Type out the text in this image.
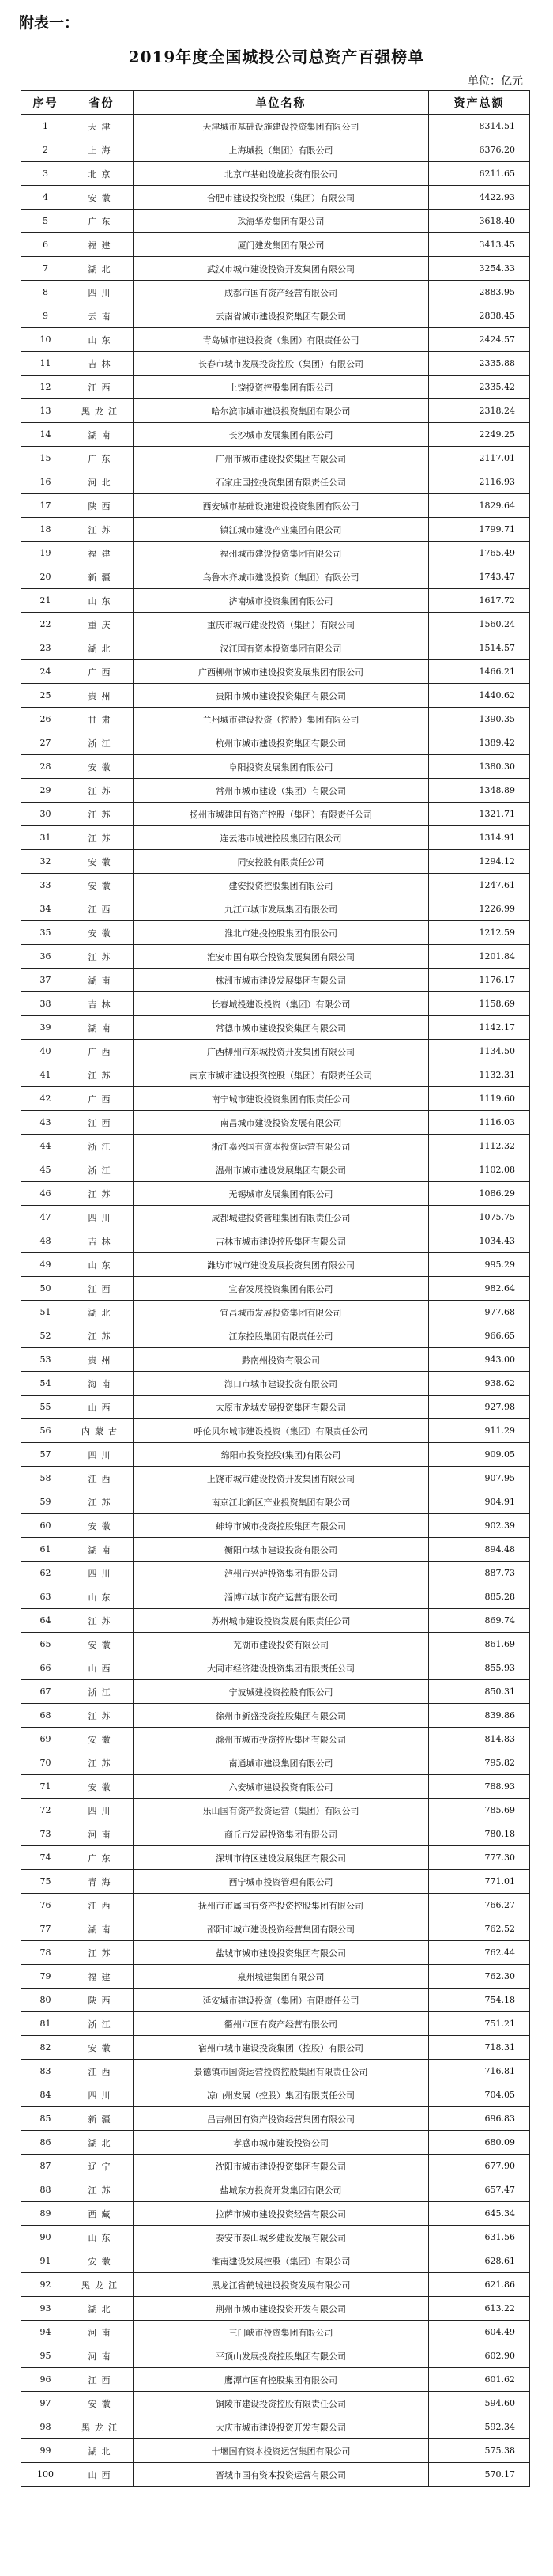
附表一：
2019年度全国城投公司总资产百强榜单
单位：亿元
序号	省份	单位名称	资产总额
1	天津	天津城市基础设施建设投资集团有限公司	8314.51
2	上海	上海城投（集团）有限公司	6376.20
3	北京	北京市基础设施投资有限公司	6211.65
4	安徽	合肥市建设投资控股（集团）有限公司	4422.93
5	广东	珠海华发集团有限公司	3618.40
6	福建	厦门建发集团有限公司	3413.45
7	湖北	武汉市城市建设投资开发集团有限公司	3254.33
8	四川	成都市国有资产经营有限公司	2883.95
9	云南	云南省城市建设投资集团有限公司	2838.45
10	山东	青岛城市建设投资（集团）有限责任公司	2424.57
11	吉林	长春市城市发展投资控股（集团）有限公司	2335.88
12	江西	上饶投资控股集团有限公司	2335.42
13	黑龙江	哈尔滨市城市建设投资集团有限公司	2318.24
14	湖南	长沙城市发展集团有限公司	2249.25
15	广东	广州市城市建设投资集团有限公司	2117.01
16	河北	石家庄国控投资集团有限责任公司	2116.93
17	陕西	西安城市基础设施建设投资集团有限公司	1829.64
18	江苏	镇江城市建设产业集团有限公司	1799.71
19	福建	福州城市建设投资集团有限公司	1765.49
20	新疆	乌鲁木齐城市建设投资（集团）有限公司	1743.47
21	山东	济南城市投资集团有限公司	1617.72
22	重庆	重庆市城市建设投资（集团）有限公司	1560.24
23	湖北	汉江国有资本投资集团有限公司	1514.57
24	广西	广西柳州市城市建设投资发展集团有限公司	1466.21
25	贵州	贵阳市城市建设投资集团有限公司	1440.62
26	甘肃	兰州城市建设投资（控股）集团有限公司	1390.35
27	浙江	杭州市城市建设投资集团有限公司	1389.42
28	安徽	阜阳投资发展集团有限公司	1380.30
29	江苏	常州市城市建设（集团）有限公司	1348.89
30	江苏	扬州市城建国有资产控股（集团）有限责任公司	1321.71
31	江苏	连云港市城建控股集团有限公司	1314.91
32	安徽	同安控股有限责任公司	1294.12
33	安徽	建安投资控股集团有限公司	1247.61
34	江西	九江市城市发展集团有限公司	1226.99
35	安徽	淮北市建投控股集团有限公司	1212.59
36	江苏	淮安市国有联合投资发展集团有限公司	1201.84
37	湖南	株洲市城市建设发展集团有限公司	1176.17
38	吉林	长春城投建设投资（集团）有限公司	1158.69
39	湖南	常德市城市建设投资集团有限公司	1142.17
40	广西	广西柳州市东城投资开发集团有限公司	1134.50
41	江苏	南京市城市建设投资控股（集团）有限责任公司	1132.31
42	广西	南宁城市建设投资集团有限责任公司	1119.60
43	江西	南昌城市建设投资发展有限公司	1116.03
44	浙江	浙江嘉兴国有资本投资运营有限公司	1112.32
45	浙江	温州市城市建设发展集团有限公司	1102.08
46	江苏	无锡城市发展集团有限公司	1086.29
47	四川	成都城建投资管理集团有限责任公司	1075.75
48	吉林	吉林市城市建设控股集团有限公司	1034.43
49	山东	潍坊市城市建设发展投资集团有限公司	995.29
50	江西	宜春发展投资集团有限公司	982.64
51	湖北	宜昌城市发展投资集团有限公司	977.68
52	江苏	江东控股集团有限责任公司	966.65
53	贵州	黔南州投资有限公司	943.00
54	海南	海口市城市建设投资有限公司	938.62
55	山西	太原市龙城发展投资集团有限公司	927.98
56	内蒙古	呼伦贝尔城市建设投资（集团）有限责任公司	911.29
57	四川	绵阳市投资控股(集团)有限公司	909.05
58	江西	上饶市城市建设投资开发集团有限公司	907.95
59	江苏	南京江北新区产业投资集团有限公司	904.91
60	安徽	蚌埠市城市投资控股集团有限公司	902.39
61	湖南	衡阳市城市建设投资有限公司	894.48
62	四川	泸州市兴泸投资集团有限公司	887.73
63	山东	淄博市城市资产运营有限公司	885.28
64	江苏	苏州城市建设投资发展有限责任公司	869.74
65	安徽	芜湖市建设投资有限公司	861.69
66	山西	大同市经济建设投资集团有限责任公司	855.93
67	浙江	宁波城建投资控股有限公司	850.31
68	江苏	徐州市新盛投资控股集团有限公司	839.86
69	安徽	滁州市城市投资控股集团有限公司	814.83
70	江苏	南通城市建设集团有限公司	795.82
71	安徽	六安城市建设投资有限公司	788.93
72	四川	乐山国有资产投资运营（集团）有限公司	785.69
73	河南	商丘市发展投资集团有限公司	780.18
74	广东	深圳市特区建设发展集团有限公司	777.30
75	青海	西宁城市投资管理有限公司	771.01
76	江西	抚州市市属国有资产投资控股集团有限公司	766.27
77	湖南	邵阳市城市建设投资经营集团有限公司	762.52
78	江苏	盐城市城市建设投资集团有限公司	762.44
79	福建	泉州城建集团有限公司	762.30
80	陕西	延安城市建设投资（集团）有限责任公司	754.18
81	浙江	衢州市国有资产经营有限公司	751.21
82	安徽	宿州市城市建设投资集团（控股）有限公司	718.31
83	江西	景德镇市国资运营投资控股集团有限责任公司	716.81
84	四川	凉山州发展（控股）集团有限责任公司	704.05
85	新疆	昌吉州国有资产投资经营集团有限公司	696.83
86	湖北	孝感市城市建设投资公司	680.09
87	辽宁	沈阳市城市建设投资集团有限公司	677.90
88	江苏	盐城东方投资开发集团有限公司	657.47
89	西藏	拉萨市城市建设投资经营有限公司	645.34
90	山东	泰安市泰山城乡建设发展有限公司	631.56
91	安徽	淮南建设发展控股（集团）有限公司	628.61
92	黑龙江	黑龙江省鹤城建设投资发展有限公司	621.86
93	湖北	荆州市城市建设投资开发有限公司	613.22
94	河南	三门峡市投资集团有限公司	604.49
95	河南	平顶山发展投资控股集团有限公司	602.90
96	江西	鹰潭市国有控股集团有限公司	601.62
97	安徽	铜陵市建设投资控股有限责任公司	594.60
98	黑龙江	大庆市城市建设投资开发有限公司	592.34
99	湖北	十堰国有资本投资运营集团有限公司	575.38
100	山西	晋城市国有资本投资运营有限公司	570.17
